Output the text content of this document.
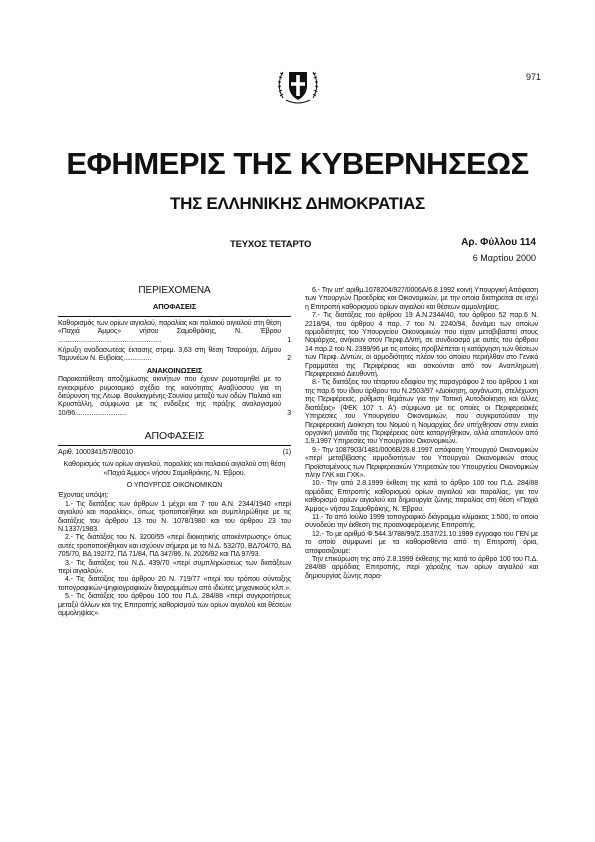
971
ΕΦΗΜΕΡΙΣ ΤΗΣ ΚΥΒΕΡΝΗΣΕΩΣ
ΤΗΣ ΕΛΛΗΝΙΚΗΣ ΔΗΜΟΚΡΑΤΙΑΣ
ΤΕΥΧΟΣ ΤΕΤΑΡΤΟ	Αρ. Φύλλου 114
6 Μαρτίου 2000

ΠΕΡΙΕΧΟΜΕΝΑ

ΑΠΟΦΑΣΕΙΣ

Καθορισμός των ορίων αιγιαλού, παραλίας και παλαιού αιγιαλού στη θέση «Παχιά Άμμος» νήσου Σαμοθράκης, Ν. Έβρου ........................................................	1

Κήρυξη αναδασωτέας έκτασης στρεμ. 3,63 στη θέση Τσαρούχα, Δήμου Ταμυνέων Ν. Ευβοίας...............	2

ΑΝΑΚΟΙΝΩΣΕΙΣ

Παρακατάθεση αποζημίωσης ακινήτων που έχουν ρυμοτομηθεί με το εγκεκριμένο ρυμοτομικό σχέδιο της κοινότητας Αναβύσσου για τη διεύρυνση της Λεωφ. Βουλιαγμένης-Σουνίου μεταξύ των οδών Παλαιά και Κρυστάλλη, σύμφωνα με τις ενδείξεις της πράξης αναλογισμού 10/96............................	3

ΑΠΟΦΑΣΕΙΣ

Αριθ. 1000341/57/Β0010	(1)

Καθορισμός των ορίων αιγιαλού, παραλίας και παλαιού αιγιαλού στη θέση «Παχιά Άμμος» νήσου Σαμοθράκης, Ν. Έβρου.

Ο ΥΠΟΥΡΓΟΣ ΟΙΚΟΝΟΜΙΚΩΝ

Έχοντας υπόψη:

1.- Τις διατάξεις των άρθρων 1 μέχρι και 7 του Α.Ν. 2344/1940 «περί αιγιαλού και παραλίας», όπως τροποποιήθηκε και συμπληρώθηκε με τις διατάξεις του άρθρου 13 του Ν. 1078/1980 και του άρθρου 23 του Ν.1337/1983.

2.- Τις διατάξεις του Ν. 3200/55 «περί διοικητικής αποκέντρωσης» όπως αυτές τροποποιήθηκαν και ισχύουν σήμερα με τα Ν.Δ. 532/70, ΒΔ704/70, ΒΔ 705/70, ΒΔ 192/72, ΠΔ 71/84, ΠΔ 347/86, Ν. 2026/92 και ΠΔ 97/93.

3.- Τις διατάξεις του Ν.Δ. 439/70 «περί συμπληρώσεως των διατάξεων περί αιγιαλού».

4.- Τις διατάξεις του άρθρου 20 Ν. 719/77 «περί του τρόπου σύνταξης τοπογραφικών-ψηφιογραφικών διαγραμμάτων από ιδιώτες μηχανικούς κλπ.».

5.- Τις διατάξεις του άρθρου 100 του Π.Δ. 284/88 «περί συγκροτήσεως μεταξύ άλλων και της Επιτροπής καθορισμού των ορίων αιγιαλού και θέσεων αμμοληψίας».

6.- Την υπ' αριθμ.1078204/927/0006Α/6.8.1992 κοινή Υπουργική Απόφαση των Υπουργών Προεδρίας και Οικονομικών, με την οποία διατηρείται σε ισχύ η Επιτροπή καθορισμού ορίων αιγιαλού και θέσεων αμμοληψίας.

7.- Τις διατάξεις του άρθρου 19 Α.Ν.2344/40, του άρθρου 52 παρ.6 Ν. 2218/94, του άρθρου 4 παρ. 7 του Ν. 2240/94, δυνάμει των οποίων αρμοδιότητες του Υπουργείου Οικονομικών που είχαν μεταβιβαστεί στους Νομάρχες, ανήκουν στον Περιφ.Δ/ντή, σε συνδυασμό με αυτές του άρθρου 14 παρ.2 του Ν. 2399/96 με τις οποίες προβλέπεται η κατάργηση των θέσεων των Περιφ. Δ/ντών, οι αρμοδιότητες πλέον του οποίου περιήλθαν στο Γενικό Γραμματέα της Περιφέρειας και ασκούνται από τον Αναπληρωτή Περιφερειακό Διευθυντή.

8.- Τις διατάξεις του τέταρτου εδαφίου της παραγράφου 2 του άρθρου 1 και της παρ.6 του ίδιου άρθρου του Ν.2503/97 «Διοίκηση, οργάνωση, στελέχωση της Περιφέρειας, ρύθμιση θεμάτων για την Τοπική Αυτοδιοίκηση και άλλες διατάξεις» (ΦΕΚ 107 τ. Α') σύμφωνα με τις οποίες οι Περιφερειακές Υπηρεσίες του Υπουργείου Οικονομικών, που συγκροτούσαν την Περιφερειακή Διοίκηση του Νομού η Νομαρχίας δεν υπήχθησαν στην ενιαία οργανική μονάδα της Περιφέρειας ούτε καταργήθηκαν, αλλά αποτελούν από 1.9.1997 Υπηρεσίες του Υπουργείου Οικονομικών.

9.- Την 1087903/1481/0006Β/28.8.1997 απόφαση Υπουργού Οικονομικών «περί μεταβίβασης αρμοδιοτήτων του Υπουργού Οικονομικών στους Προϊσταμένους των Περιφερειακών Υπηρεσιών του Υπουργείου Οικονομικών πλην ΓΛΚ και ΓΧΚ».

10.- Την από 2.8.1999 έκθεση της κατά το άρθρο 100 του Π.Δ. 284/88 αρμόδιας Επιτροπής καθορισμού ορίων αιγιαλού και παραλίας, για τον καθορισμό ορίων αιγιαλού και δημιουργία ζώνης παραλίας στη θέση «Παχιά Άμμος» νήσου Σαμοθράκης, Ν. Έβρου.

11.- Το από Ιούλιο 1999 τοπογραφικό διάγραμμα κλίμακας 1:500, το οποίο συνοδεύει την έκθεση της προαναφερόμενης Επιτροπής.

12.- Το με αριθμό Φ.544.3/788/99/Σ.1537/21.10.1999 έγγραφο του ΓΕΝ με το οποίο συμφωνεί με τα καθορισθέντα από τη Επιτροπή όρια, αποφασίζουμε:

Την επικύρωση της από 2.8.1999 έκθεσης της κατά το άρθρο 100 του Π.Δ. 284/88 αρμόδιας Επιτροπής, περί χάραξης των ορίων αιγιαλού και δημιουργίας ζώνης παρα-
